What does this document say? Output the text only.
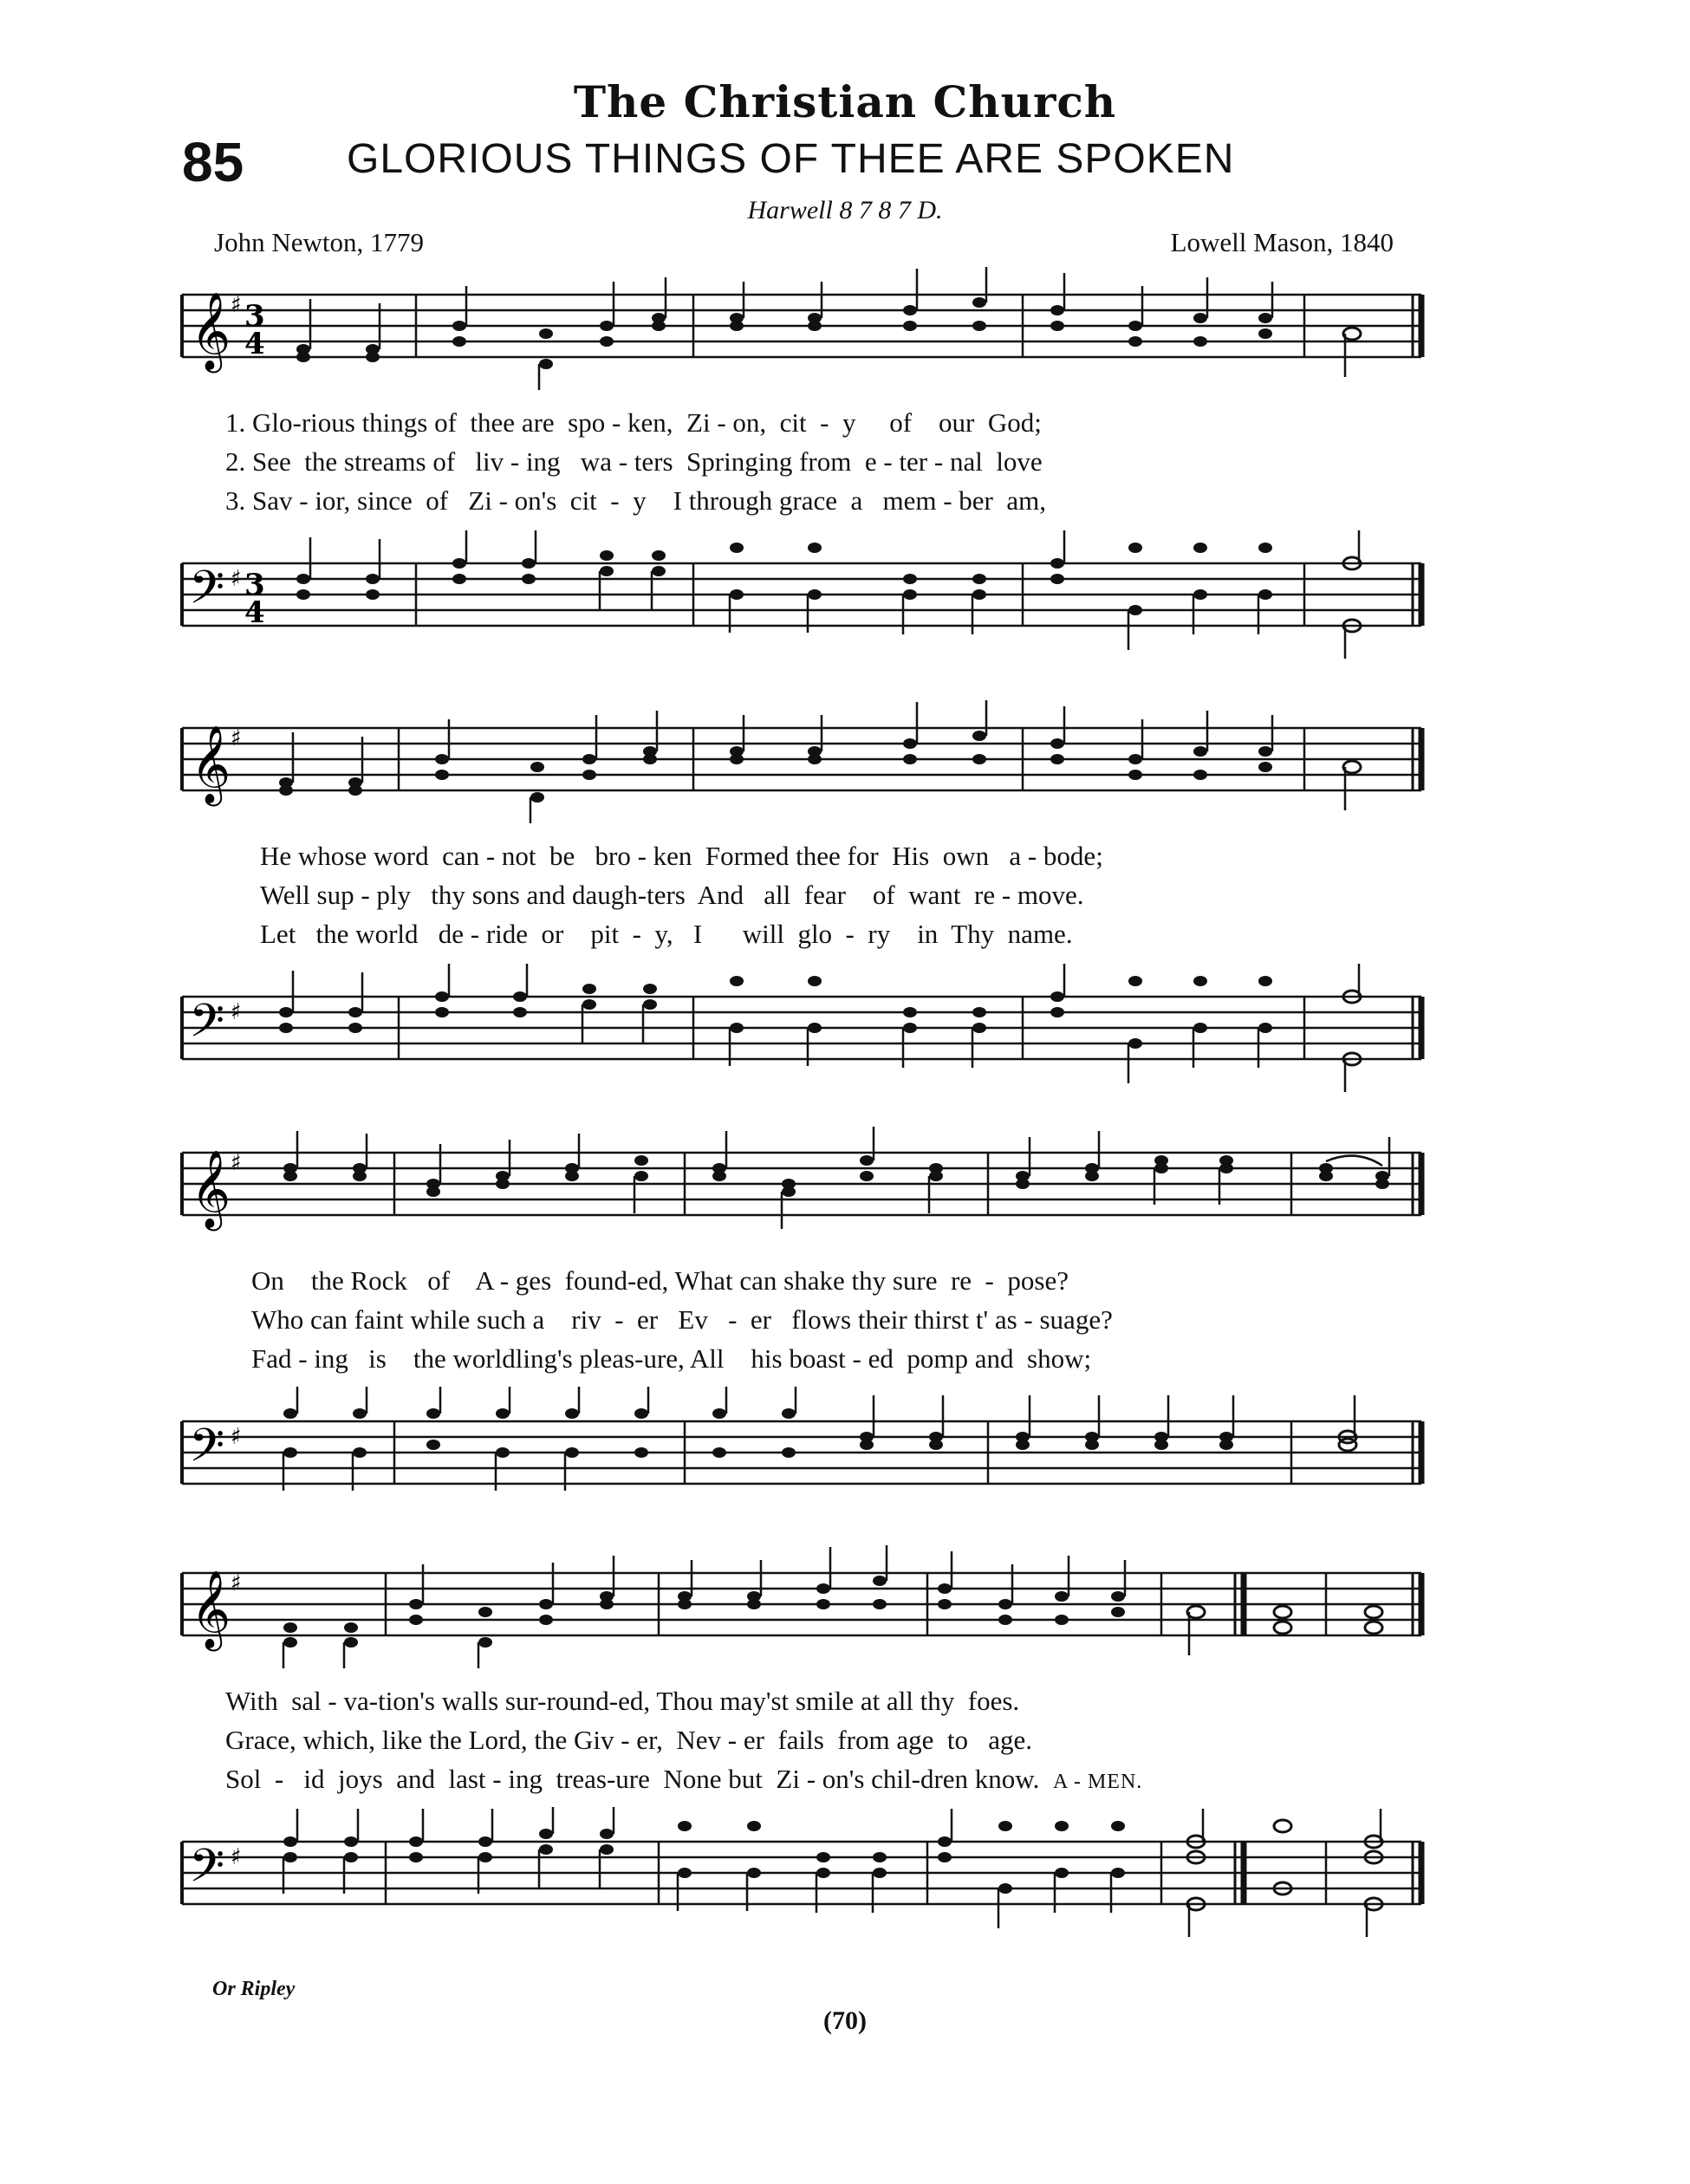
The Christian Church
85 GLORIOUS THINGS OF THEE ARE SPOKEN
Harwell 8 7 8 7 D.
John Newton, 1779	Lowell Mason, 1840
𝄞 ♯ 3
4
1. Glo-rious things of  thee are  spo - ken,  Zi - on,  cit  -  y     of    our  God;
2. See  the streams of   liv - ing   wa - ters  Springing from  e - ter - nal  love
3. Sav - ior, since  of   Zi - on's  cit  -  y    I through grace  a   mem - ber  am,
𝄢 ♯ 3
4
𝄞 ♯
He whose word  can - not  be   bro - ken  Formed thee for  His  own   a - bode;
Well sup - ply   thy sons and daugh-ters  And   all  fear    of  want  re - move.
Let   the world   de - ride  or    pit  -  y,   I      will  glo  -  ry    in  Thy  name.
𝄢 ♯
𝄞 ♯
On    the Rock   of    A - ges  found-ed, What can shake thy sure  re  -  pose?
Who can faint while such a    riv  -  er   Ev   -  er   flows their thirst t' as - suage?
Fad - ing   is    the worldling's pleas-ure, All    his boast - ed  pomp and  show;
𝄢 ♯
𝄞 ♯
With  sal - va-tion's walls sur-round-ed, Thou may'st smile at all thy  foes.
Grace, which, like the Lord, the Giv - er,  Nev - er  fails  from age  to   age.
Sol  -   id  joys  and  last - ing  treas-ure  None but  Zi - on's chil-dren know. A - MEN.
𝄢 ♯
Or Ripley
(70)
